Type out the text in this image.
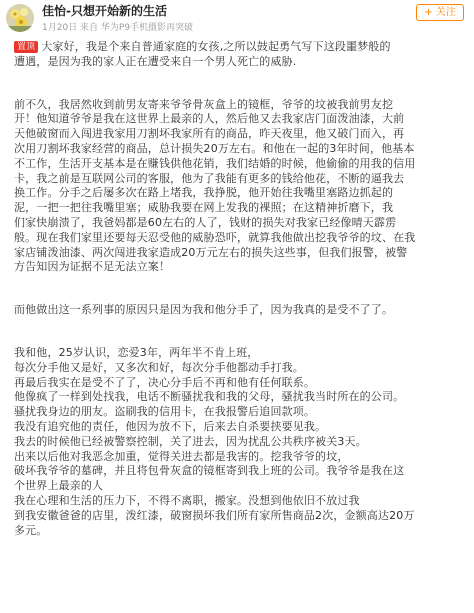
佳怡-只想开始新的生活
1月20日 来自 华为P9手机摄影再突破
+ 关注
置顶 大家好，我是个来自普通家庭的女孩,之所以鼓起勇气写下这段噩梦般的
遭遇，是因为我的家人正在遭受来自一个男人死亡的威胁.
前不久，我居然收到前男友寄来爷爷骨灰盒上的镜框，爷爷的坟被我前男友挖
开！他知道爷爷是我在这世界上最亲的人，然后他又去我家店门面泼油漆，大前
天他破窗而入闯进我家用刀割坏我家所有的商品，昨天夜里，他又破门而入，再
次用刀割坏我家经营的商品，总计损失20万左右。和他在一起的3年时间，他基本
不工作，生活开支基本是在赚钱供他花销，我们结婚的时候，他偷偷的用我的信用
卡，我之前是互联网公司的客服，他为了我能有更多的钱给他花，不断的逼我去
换工作。分手之后屡多次在路上堵我，我挣脱，他开始往我嘴里塞路边抓起的
泥，一把一把往我嘴里塞；威胁我要在网上发我的裸照；在这精神折磨下，我
们家快崩溃了，我爸妈都是60左右的人了，钱财的损失对我家已经像晴天霹雳
般。现在我们家里还要每天忍受他的威胁恐吓，就算我他做出挖我爷爷的坟、在我
家店铺泼油漆、两次闯进我家造成20万元左右的损失这些事，但我们报警，被警
方告知因为证据不足无法立案！
而他做出这一系列事的原因只是因为我和他分手了，因为我真的是受不了了。
我和他，25岁认识，恋爱3年，两年半不肯上班，
每次分手他又是好，又多次和好，每次分手他都动手打我。
再最后我实在是受不了了，决心分手后不再和他有任何联系。
他像疯了一样到处找我，电话不断骚扰我和我的父母，骚扰我当时所在的公司。
骚扰我身边的朋友。盗刷我的信用卡，在我报警后追回款项。
我没有追究他的责任，他因为放不下，后来去自杀要挟要见我。
我去的时候他已经被警察控制，关了进去，因为扰乱公共秩序被关3天。
出来以后他对我恶念加重，觉得关进去都是我害的。挖我爷爷的坟，
破坏我爷爷的墓碑，并且将包骨灰盒的镜框寄到我上班的公司。我爷爷是我在这
个世界上最亲的人
我在心理和生活的压力下，不得不离职，搬家。没想到他依旧不放过我
到我安徽爸爸的店里，泼红漆，破窗损坏我们所有家所售商品2次，金额高达20万
多元。
